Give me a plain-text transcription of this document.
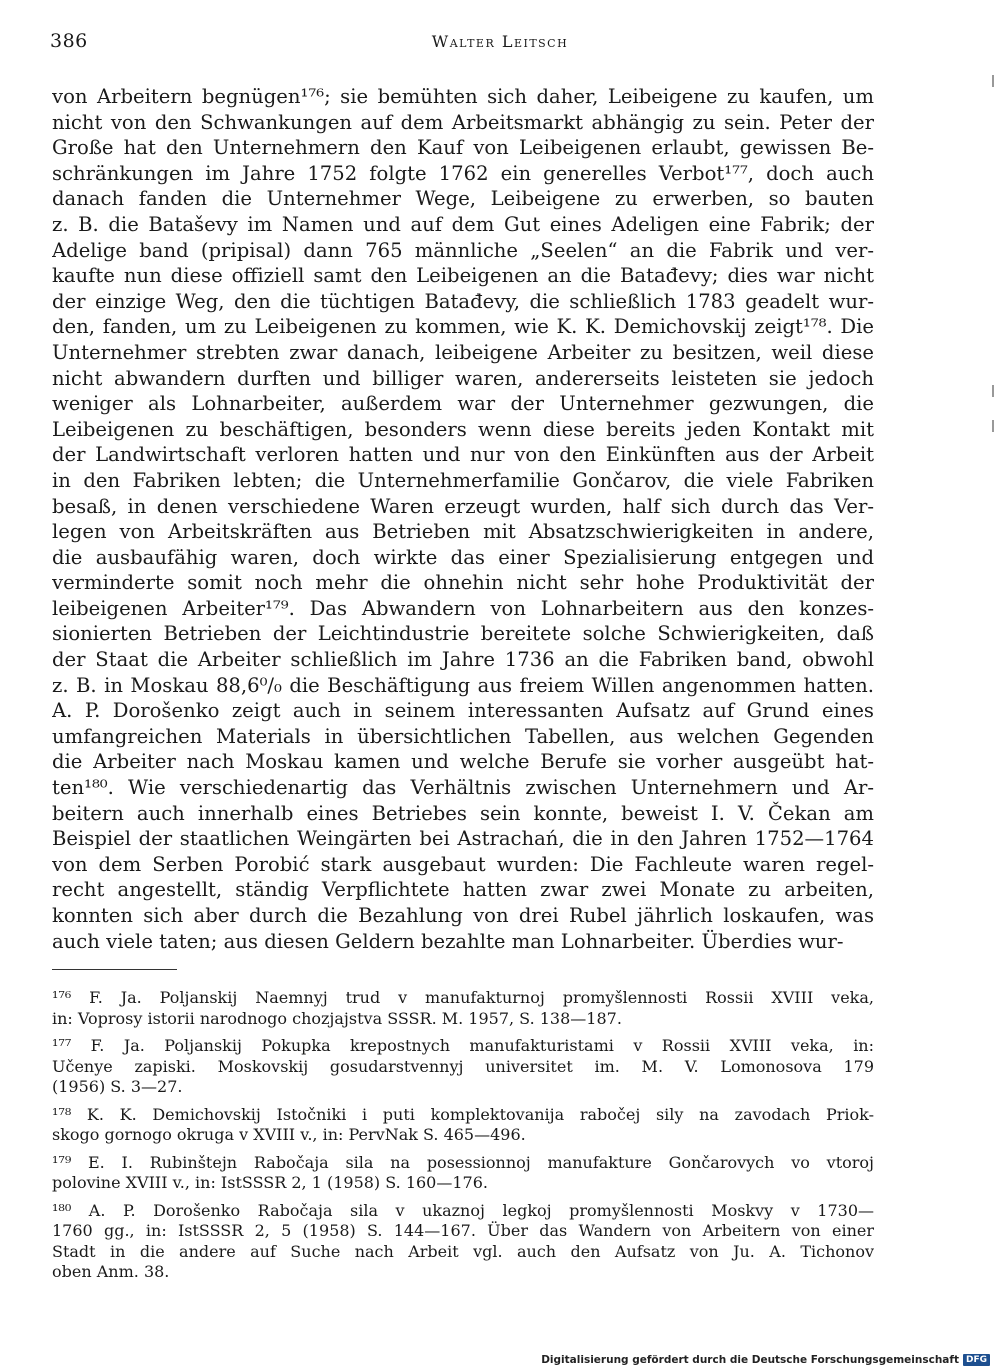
386	Walter Leitsch
von Arbeitern begnügen¹⁷⁶; sie bemühten sich daher, Leibeigene zu kaufen, um
nicht von den Schwankungen auf dem Arbeitsmarkt abhängig zu sein. Peter der
Große hat den Unternehmern den Kauf von Leibeigenen erlaubt, gewissen Be-
schränkungen im Jahre 1752 folgte 1762 ein generelles Verbot¹⁷⁷, doch auch
danach fanden die Unternehmer Wege, Leibeigene zu erwerben, so bauten
z. B. die Bataševy im Namen und auf dem Gut eines Adeligen eine Fabrik; der
Adelige band (pripisal) dann 765 männliche „Seelen“ an die Fabrik und ver-
kaufte nun diese offiziell samt den Leibeigenen an die Batađevy; dies war nicht
der einzige Weg, den die tüchtigen Batađevy, die schließlich 1783 geadelt wur-
den, fanden, um zu Leibeigenen zu kommen, wie K. K. Demichovskij zeigt¹⁷⁸. Die
Unternehmer strebten zwar danach, leibeigene Arbeiter zu besitzen, weil diese
nicht abwandern durften und billiger waren, andererseits leisteten sie jedoch
weniger als Lohnarbeiter, außerdem war der Unternehmer gezwungen, die
Leibeigenen zu beschäftigen, besonders wenn diese bereits jeden Kontakt mit
der Landwirtschaft verloren hatten und nur von den Einkünften aus der Arbeit
in den Fabriken lebten; die Unternehmerfamilie Gončarov, die viele Fabriken
besaß, in denen verschiedene Waren erzeugt wurden, half sich durch das Ver-
legen von Arbeitskräften aus Betrieben mit Absatzschwierigkeiten in andere,
die ausbaufähig waren, doch wirkte das einer Spezialisierung entgegen und
verminderte somit noch mehr die ohnehin nicht sehr hohe Produktivität der
leibeigenen Arbeiter¹⁷⁹. Das Abwandern von Lohnarbeitern aus den konzes-
sionierten Betrieben der Leichtindustrie bereitete solche Schwierigkeiten, daß
der Staat die Arbeiter schließlich im Jahre 1736 an die Fabriken band, obwohl
z. B. in Moskau 88,6⁰/₀ die Beschäftigung aus freiem Willen angenommen hatten.
A. P. Dorošenko zeigt auch in seinem interessanten Aufsatz auf Grund eines
umfangreichen Materials in übersichtlichen Tabellen, aus welchen Gegenden
die Arbeiter nach Moskau kamen und welche Berufe sie vorher ausgeübt hat-
ten¹⁸⁰. Wie verschiedenartig das Verhältnis zwischen Unternehmern und Ar-
beitern auch innerhalb eines Betriebes sein konnte, beweist I. V. Čekan am
Beispiel der staatlichen Weingärten bei Astrachań, die in den Jahren 1752—1764
von dem Serben Porobić stark ausgebaut wurden: Die Fachleute waren regel-
recht angestellt, ständig Verpflichtete hatten zwar zwei Monate zu arbeiten,
konnten sich aber durch die Bezahlung von drei Rubel jährlich loskaufen, was
auch viele taten; aus diesen Geldern bezahlte man Lohnarbeiter. Überdies wur-
¹⁷⁶ F. Ja. Poljanskij Naemnyj trud v manufakturnoj promyšlennosti Rossii XVIII veka,
in: Voprosy istorii narodnogo chozjajstva SSSR. M. 1957, S. 138—187.
¹⁷⁷ F. Ja. Poljanskij Pokupka krepostnych manufakturistami v Rossii XVIII veka, in:
Učenye zapiski. Moskovskij gosudarstvennyj universitet im. M. V. Lomonosova 179
(1956) S. 3—27.
¹⁷⁸ K. K. Demichovskij Istočniki i puti komplektovanija rabočej sily na zavodach Priok-
skogo gornogo okruga v XVIII v., in: PervNak S. 465—496.
¹⁷⁹ E. I. Rubinštejn Rabočaja sila na posessionnoj manufakture Gončarovych vo vtoroj
polovine XVIII v., in: IstSSSR 2, 1 (1958) S. 160—176.
¹⁸⁰ A. P. Dorošenko Rabočaja sila v ukaznoj legkoj promyšlennosti Moskvy v 1730—
1760 gg., in: IstSSSR 2, 5 (1958) S. 144—167. Über das Wandern von Arbeitern von einer
Stadt in die andere auf Suche nach Arbeit vgl. auch den Aufsatz von Ju. A. Tichonov
oben Anm. 38.
Digitalisierung gefördert durch die Deutsche Forschungsgemeinschaft DFG
